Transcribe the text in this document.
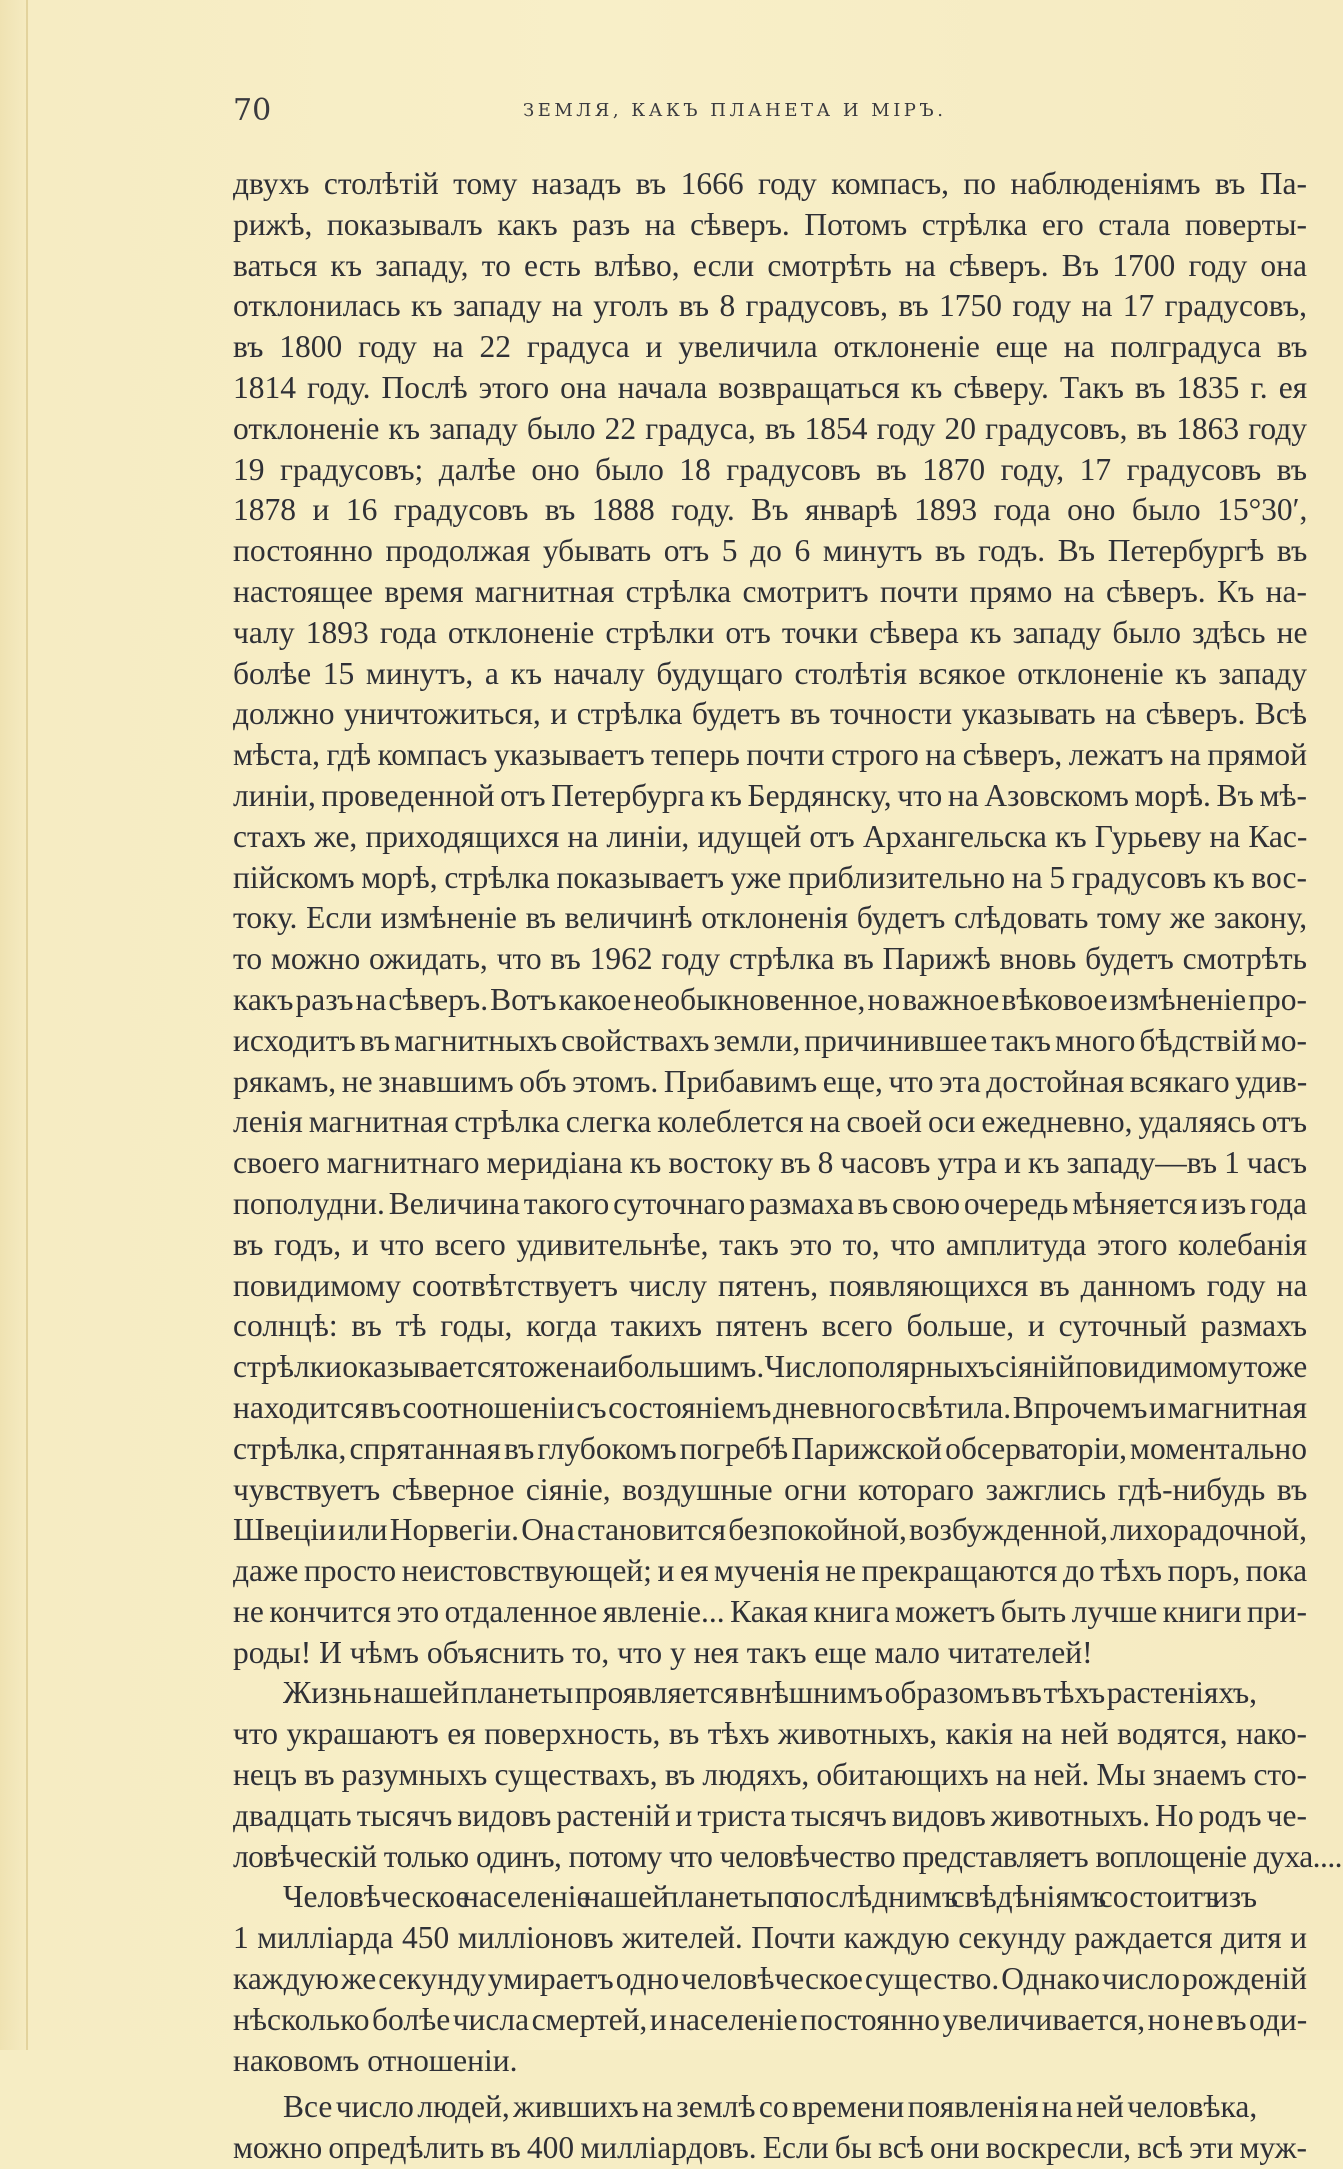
70	ЗЕМЛЯ, КАКЪ ПЛАНЕТА И МІРЪ.
двухъ столѣтій тому назадъ въ 1666 году компасъ, по наблюденіямъ въ Па-
рижѣ, показывалъ какъ разъ на сѣверъ. Потомъ стрѣлка его стала поверты-
ваться къ западу, то есть влѣво, если смотрѣть на сѣверъ. Въ 1700 году она
отклонилась къ западу на уголъ въ 8 градусовъ, въ 1750 году на 17 градусовъ,
въ 1800 году на 22 градуса и увеличила отклоненіе еще на полградуса въ
1814 году. Послѣ этого она начала возвращаться къ сѣверу. Такъ въ 1835 г. ея
отклоненіе къ западу было 22 градуса, въ 1854 году 20 градусовъ, въ 1863 году
19 градусовъ; далѣе оно было 18 градусовъ въ 1870 году, 17 градусовъ въ
1878 и 16 градусовъ въ 1888 году. Въ январѣ 1893 года оно было 15°30′,
постоянно продолжая убывать отъ 5 до 6 минутъ въ годъ. Въ Петербургѣ въ
настоящее время магнитная стрѣлка смотритъ почти прямо на сѣверъ. Къ на-
чалу 1893 года отклоненіе стрѣлки отъ точки сѣвера къ западу было здѣсь не
болѣе 15 минутъ, а къ началу будущаго столѣтія всякое отклоненіе къ западу
должно уничтожиться, и стрѣлка будетъ въ точности указывать на сѣверъ. Всѣ
мѣста, гдѣ компасъ указываетъ теперь почти строго на сѣверъ, лежатъ на прямой
линіи, проведенной отъ Петербурга къ Бердянску, что на Азовскомъ морѣ. Въ мѣ-
стахъ же, приходящихся на линіи, идущей отъ Архангельска къ Гурьеву на Кас-
пійскомъ морѣ, стрѣлка показываетъ уже приблизительно на 5 градусовъ къ вос-
току. Если измѣненіе въ величинѣ отклоненія будетъ слѣдовать тому же закону,
то можно ожидать, что въ 1962 году стрѣлка въ Парижѣ вновь будетъ смотрѣть
какъ разъ на сѣверъ. Вотъ какое необыкновенное, но важное вѣковое измѣненіе про-
исходитъ въ магнитныхъ свойствахъ земли, причинившее такъ много бѣдствій мо-
рякамъ, не знавшимъ объ этомъ. Прибавимъ еще, что эта достойная всякаго удив-
ленія магнитная стрѣлка слегка колеблется на своей оси ежедневно, удаляясь отъ
своего магнитнаго меридіана къ востоку въ 8 часовъ утра и къ западу—въ 1 часъ
пополудни. Величина такого суточнаго размаха въ свою очередь мѣняется изъ года
въ годъ, и что всего удивительнѣе, такъ это то, что амплитуда этого колебанія
повидимому соотвѣтствуетъ числу пятенъ, появляющихся въ данномъ году на
солнцѣ: въ тѣ годы, когда такихъ пятенъ всего больше, и суточный размахъ
стрѣлки оказывается тоже наибольшимъ. Число полярныхъ сіяній повидимому тоже
находится въ соотношеніи съ состояніемъ дневного свѣтила. Впрочемъ и магнитная
стрѣлка, спрятанная въ глубокомъ погребѣ Парижской обсерваторіи, моментально
чувствуетъ сѣверное сіяніе, воздушные огни котораго зажглись гдѣ-нибудь въ
Швеціи или Норвегіи. Она становится безпокойной, возбужденной, лихорадочной,
даже просто неистовствующей; и ея мученія не прекращаются до тѣхъ поръ, пока
не кончится это отдаленное явленіе... Какая книга можетъ быть лучше книги при-
роды! И чѣмъ объяснить то, что у нея такъ еще мало читателей!
Жизнь нашей планеты проявляется внѣшнимъ образомъ въ тѣхъ растеніяхъ,
что украшаютъ ея поверхность, въ тѣхъ животныхъ, какія на ней водятся, нако-
нецъ въ разумныхъ существахъ, въ людяхъ, обитающихъ на ней. Мы знаемъ сто-
двадцать тысячъ видовъ растеній и триста тысячъ видовъ животныхъ. Но родъ че-
ловѣческій только одинъ, потому что человѣчество представляетъ воплощеніе духа....
Человѣческое населеніе нашей планеты по послѣднимъ свѣдѣніямъ состоитъ изъ
1 милліарда 450 милліоновъ жителей. Почти каждую секунду раждается дитя и
каждую же секунду умираетъ одно человѣческое существо. Однако число рожденій
нѣсколько болѣе числа смертей, и населеніе постоянно увеличивается, но не въ оди-
наковомъ отношеніи.
Все число людей, жившихъ на землѣ со времени появленія на ней человѣка,
можно опредѣлить въ 400 милліардовъ. Если бы всѣ они воскресли, всѣ эти муж-
